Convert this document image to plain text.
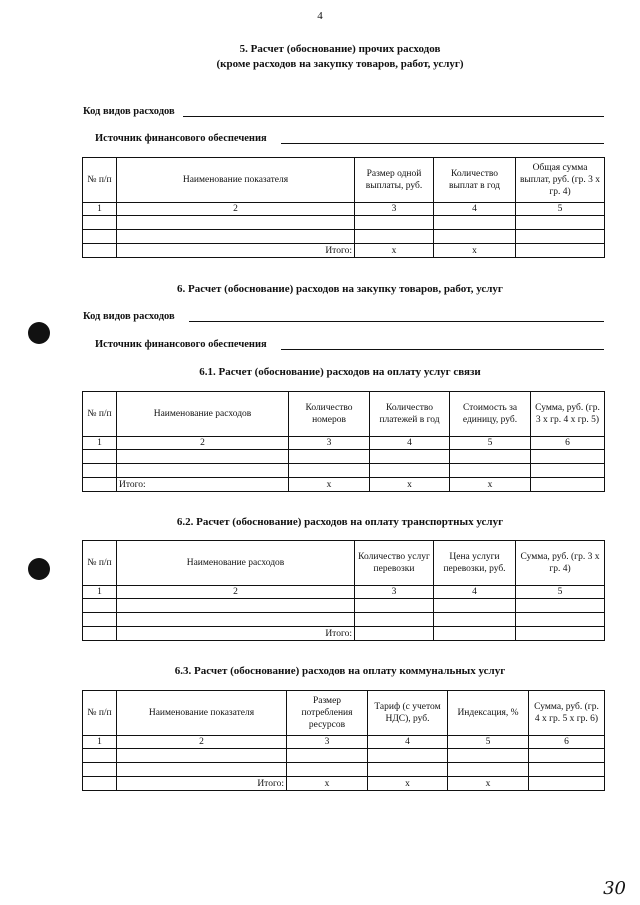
4
5. Расчет (обоснование) прочих расходов
(кроме расходов на закупку товаров, работ, услуг)
Код видов расходов
Источник финансового обеспечения
№ п/п	Наименование показателя	Размер одной выплаты, руб.	Количество выплат в год	Общая сумма выплат, руб. (гр. 3 х гр. 4)
1	2	3	4	5

	Итого:	х	х	
6. Расчет (обоснование) расходов на закупку товаров, работ, услуг
Код видов расходов
Источник финансового обеспечения
6.1. Расчет (обоснование) расходов на оплату услуг связи
№ п/п	Наименование расходов	Количество номеров	Количество платежей в год	Стоимость за единицу, руб.	Сумма, руб. (гр. 3 х гр. 4 х гр. 5)
1	2	3	4	5	6

	Итого:	х	х	х	
6.2. Расчет (обоснование) расходов на оплату транспортных услуг
№ п/п	Наименование расходов	Количество услуг перевозки	Цена услуги перевозки, руб.	Сумма, руб. (гр. 3 х гр. 4)
1	2	3	4	5

	Итого:			
6.3. Расчет (обоснование) расходов на оплату коммунальных услуг
№ п/п	Наименование показателя	Размер потребления ресурсов	Тариф (с учетом НДС), руб.	Индексация, %	Сумма, руб. (гр. 4 х гр. 5 х гр. 6)
1	2	3	4	5	6

	Итого:	х	х	х	
30
